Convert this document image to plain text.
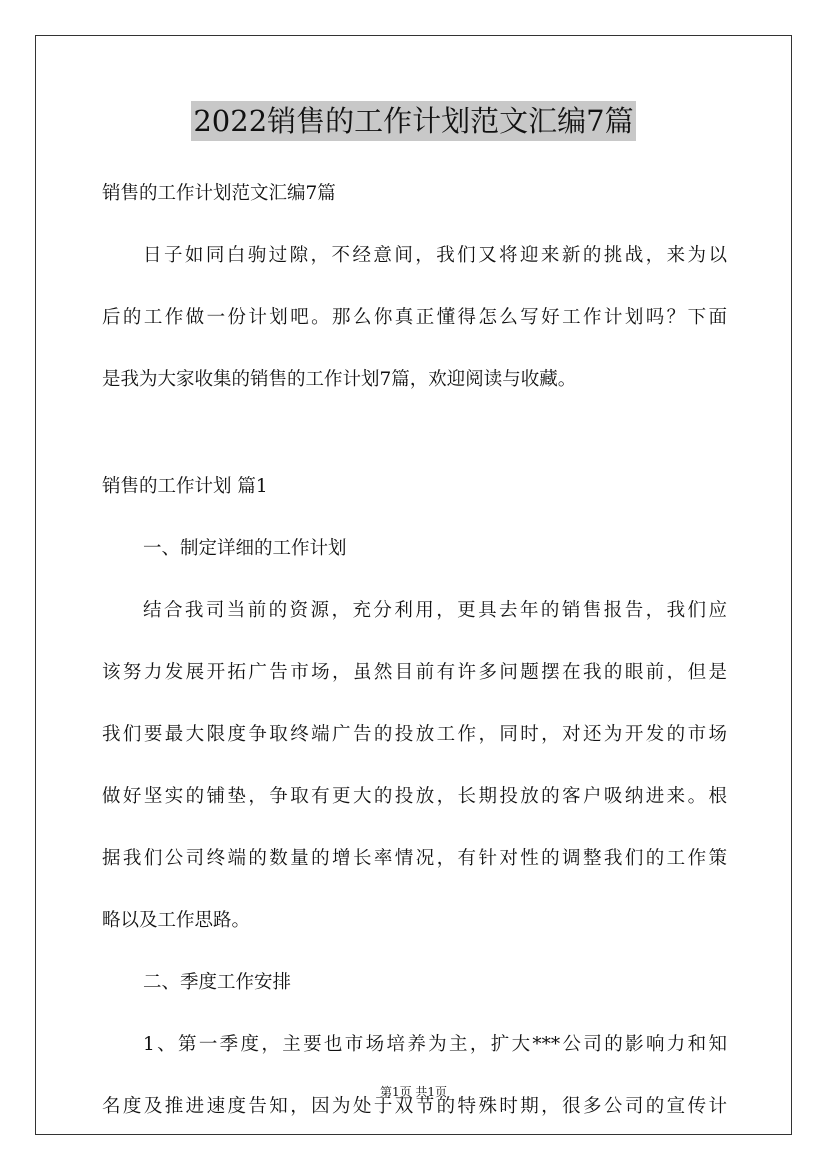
2022销售的工作计划范文汇编7篇
销售的工作计划范文汇编7篇
日子如同白驹过隙，不经意间，我们又将迎来新的挑战，来为以
后的工作做一份计划吧。那么你真正懂得怎么写好工作计划吗？下面
是我为大家收集的销售的工作计划7篇，欢迎阅读与收藏。
销售的工作计划 篇1
一、制定详细的工作计划
结合我司当前的资源，充分利用，更具去年的销售报告，我们应
该努力发展开拓广告市场，虽然目前有许多问题摆在我的眼前，但是
我们要最大限度争取终端广告的投放工作，同时，对还为开发的市场
做好坚实的铺垫，争取有更大的投放，长期投放的客户吸纳进来。根
据我们公司终端的数量的增长率情况，有针对性的调整我们的工作策
略以及工作思路。
二、季度工作安排
1、第一季度，主要也市场培养为主，扩大***公司的影响力和知
名度及推进速度告知，因为处于双节的特殊时期，很多公司的宣传计
第1页 共1页
